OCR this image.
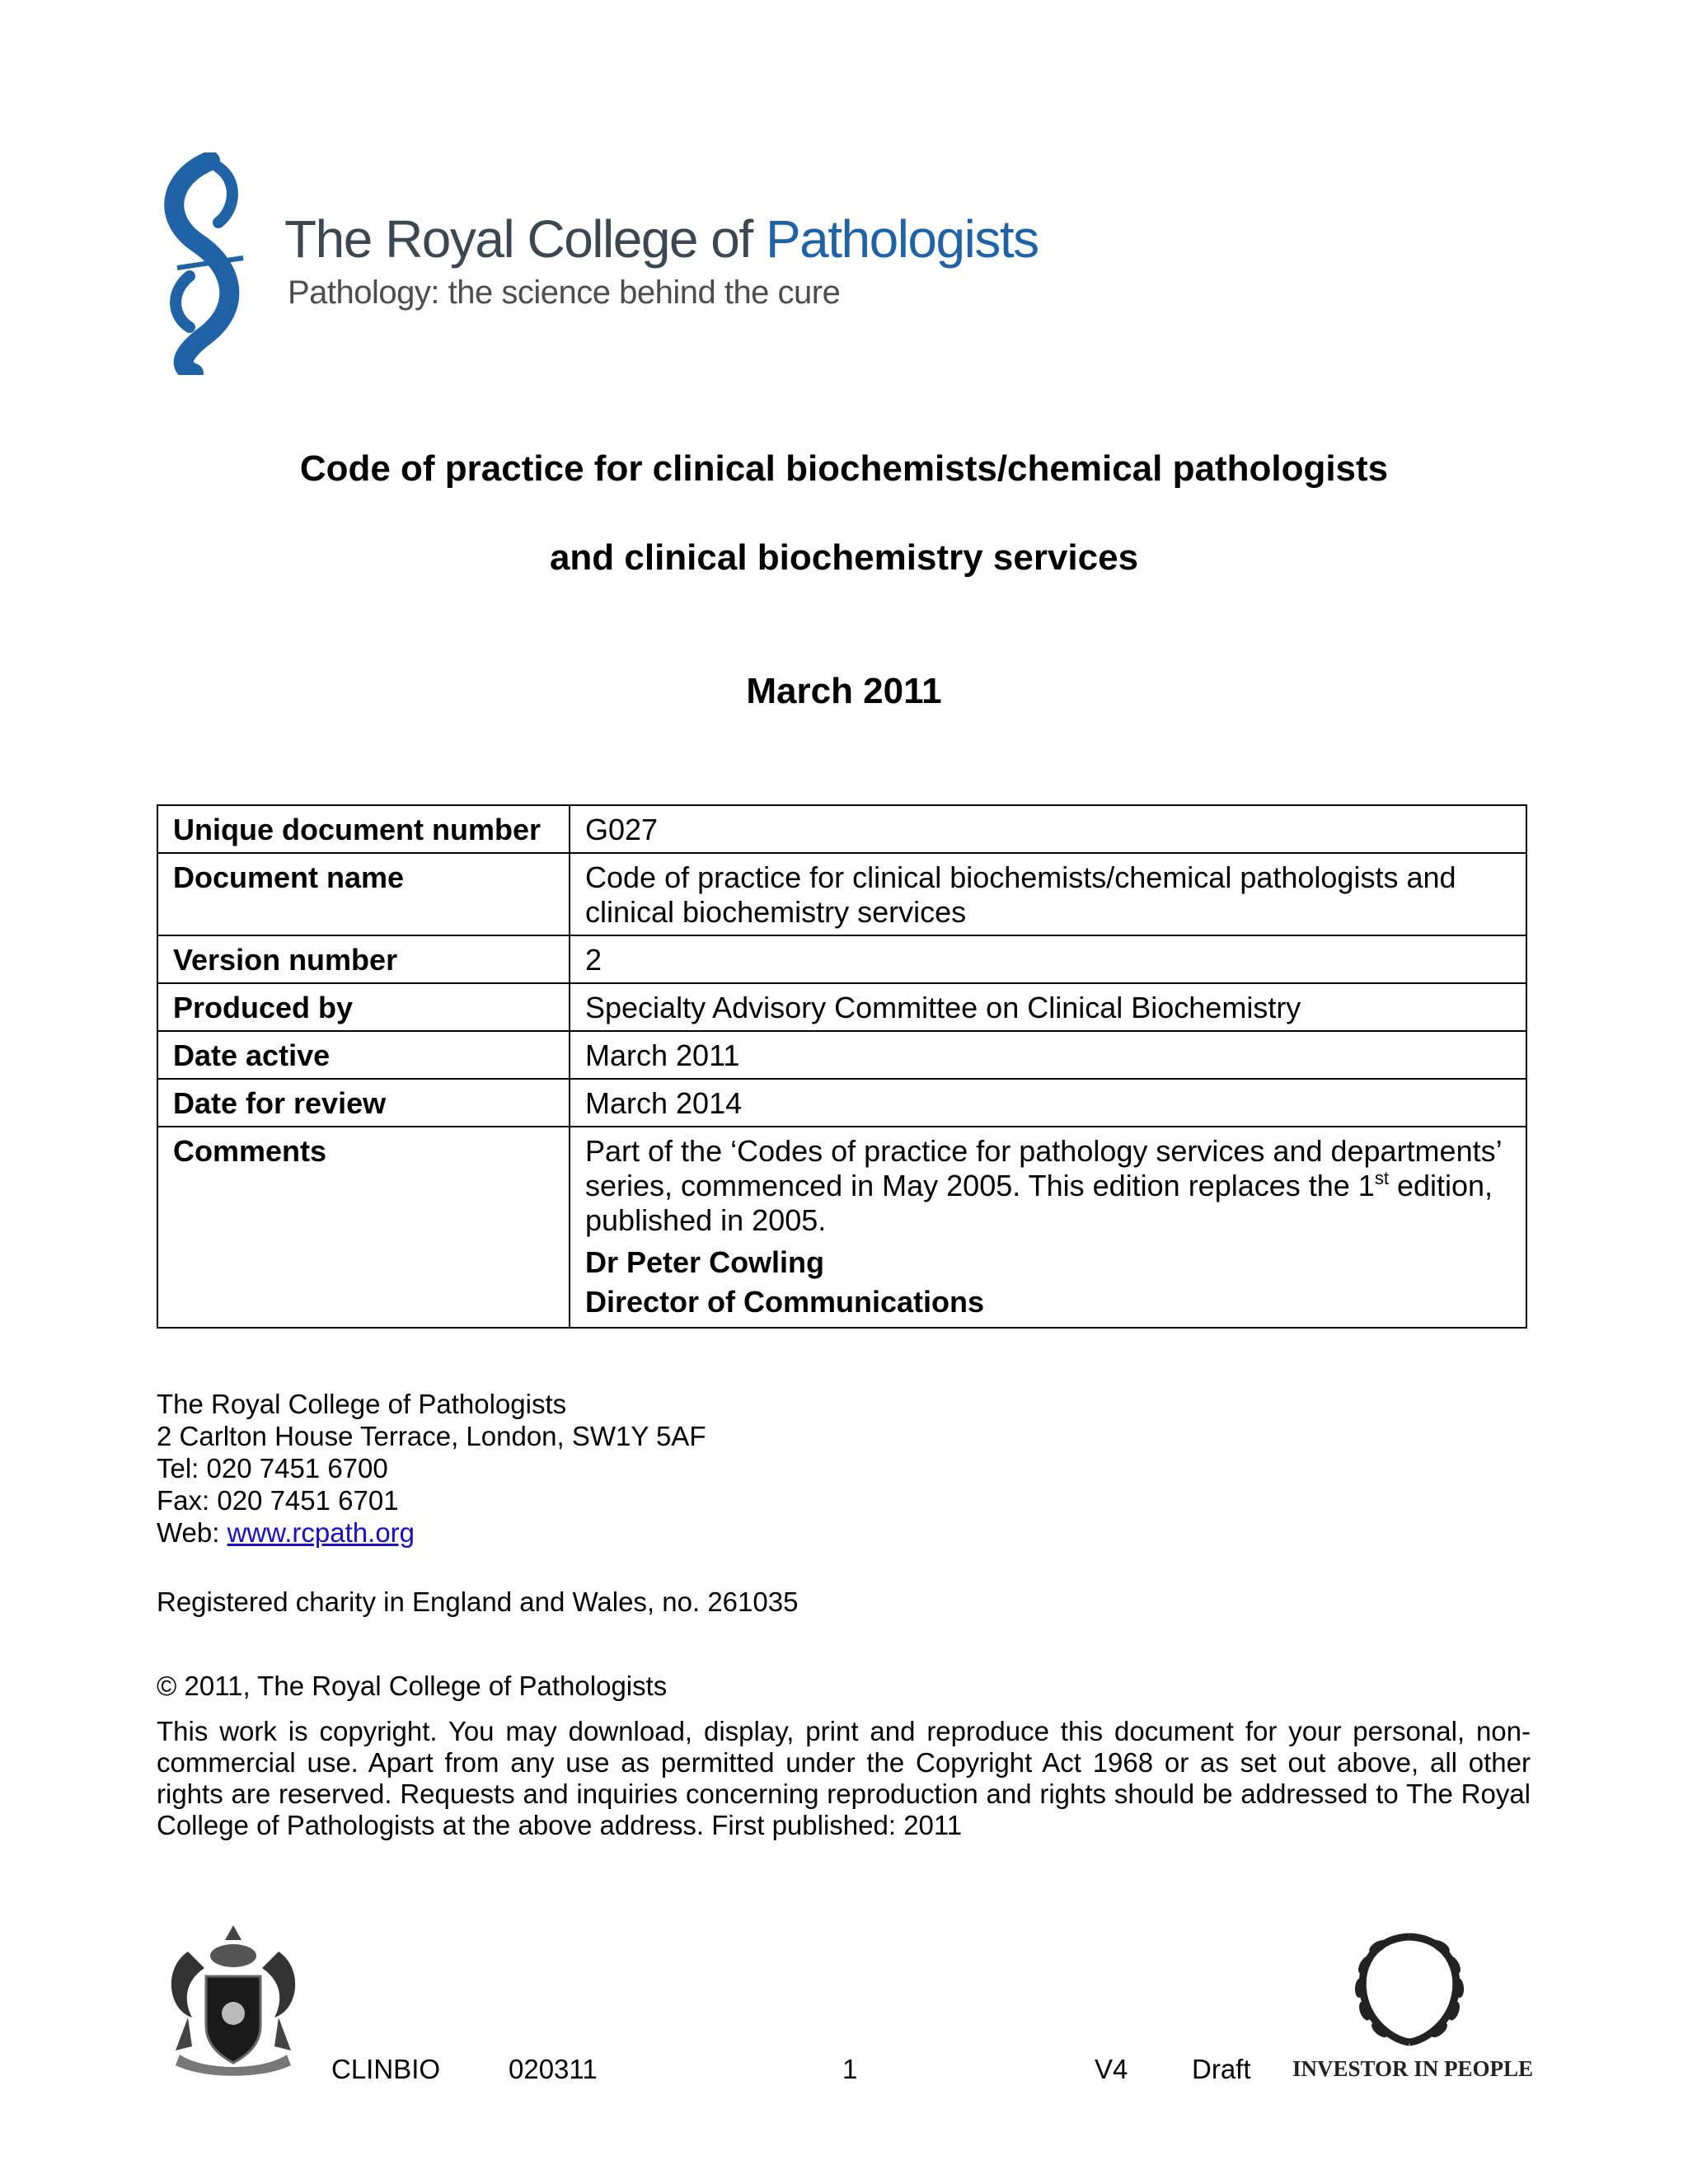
The Royal College of Pathologists
Pathology: the science behind the cure
Code of practice for clinical biochemists/chemical pathologists
and clinical biochemistry services
March 2011
Unique document number	G027
Document name	Code of practice for clinical biochemists/chemical pathologists and clinical biochemistry services
Version number	2
Produced by	Specialty Advisory Committee on Clinical Biochemistry
Date active	March 2011
Date for review	March 2014
Comments	Part of the ‘Codes of practice for pathology services and departments’ series, commenced in May 2005. This edition replaces the 1st edition, published in 2005.
Dr Peter Cowling
Director of Communications
The Royal College of Pathologists
2 Carlton House Terrace, London, SW1Y 5AF
Tel: 020 7451 6700
Fax: 020 7451 6701
Web: www.rcpath.org
Registered charity in England and Wales, no. 261035
© 2011, The Royal College of Pathologists
This work is copyright. You may download, display, print and reproduce this document for your personal, non-commercial use. Apart from any use as permitted under the Copyright Act 1968 or as set out above, all other rights are reserved. Requests and inquiries concerning reproduction and rights should be addressed to The Royal College of Pathologists at the above address. First published: 2011
CLINBIO	020311	1	V4 Draft INVESTOR IN PEOPLE
